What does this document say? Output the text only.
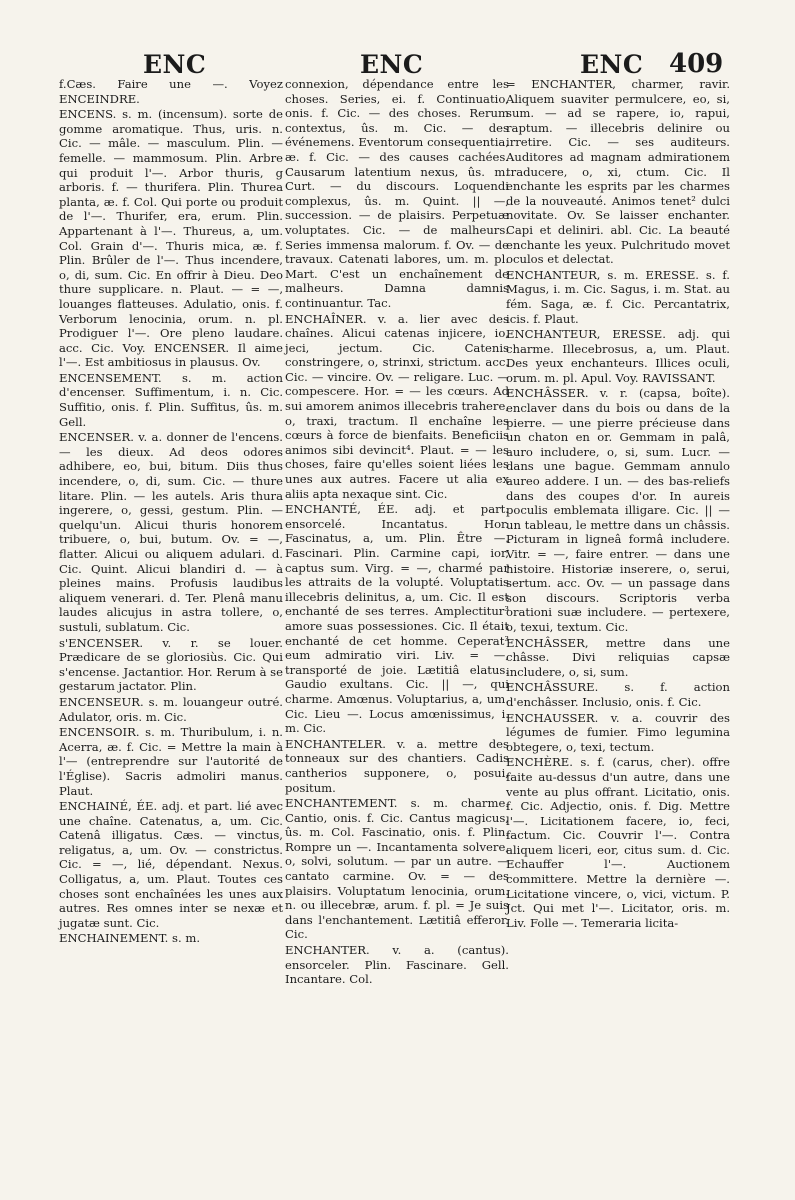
ENC	ENC	ENC 409

f.Cæs. Faire une —. Voyez ENCEINDRE.

ENCENS. s. m. (incensum). sorte de gomme aromatique. Thus, uris. n. Cic. — mâle. — masculum. Plin. — femelle. — mammosum. Plin. Arbre qui produit l'—. Arbor thuris, g arboris. f. — thurifera. Plin. Thurea planta, æ. f. Col. Qui porte ou produit de l'—. Thurifer, era, erum. Plin. Appartenant à l'—. Thureus, a, um. Col. Grain d'—. Thuris mica, æ. f. Plin. Brûler de l'—. Thus incendere, o, di, sum. Cic. En offrir à Dieu. Deo thure supplicare. n. Plaut. — = —, louanges flatteuses. Adulatio, onis. f. Verborum lenocinia, orum. n. pl. Prodiguer l'—. Ore pleno laudare. acc. Cic. Voy. ENCENSER. Il aime l'—. Est ambitiosus in plausus. Ov.

ENCENSEMENT. s. m. action d'encenser. Suffimentum, i. n. Cic. Suffitio, onis. f. Plin. Suffitus, ûs. m. Gell.

ENCENSER. v. a. donner de l'encens. — les dieux. Ad deos odores adhibere, eo, bui, bitum. Diis thus incendere, o, di, sum. Cic. — thure litare. Plin. — les autels. Aris thura ingerere, o, gessi, gestum. Plin. — quelqu'un. Alicui thuris honorem tribuere, o, bui, butum. Ov. = —, flatter. Alicui ou aliquem adulari. d. Cic. Quint. Alicui blandiri d. — à pleines mains. Profusis laudibus aliquem venerari. d. Ter. Plenâ manu laudes alicujus in astra tollere, o, sustuli, sublatum. Cic.

s'ENCENSER. v. r. se louer. Prædicare de se gloriosiùs. Cic. Qui s'encense. Jactantior. Hor. Rerum à se gestarum jactator. Plin.

ENCENSEUR. s. m. louangeur outré. Adulator, oris. m. Cic.

ENCENSOIR. s. m. Thuribulum, i. n. Acerra, æ. f. Cic. = Mettre la main à l'— (entreprendre sur l'autorité de l'Église). Sacris admoliri manus. Plaut.

ENCHAINÉ, ÉE. adj. et part. lié avec une chaîne. Catenatus, a, um. Cic. Catenâ illigatus. Cæs. — vinctus, religatus, a, um. Ov. — constrictus. Cic. = —, lié, dépendant. Nexus. Colligatus, a, um. Plaut. Toutes ces choses sont enchaînées les unes aux autres. Res omnes inter se nexæ et jugatæ sunt. Cic.

ENCHAINEMENT. s. m.

connexion, dépendance entre les choses. Series, ei. f. Continuatio, onis. f. Cic. — des choses. Rerum contextus, ûs. m. Cic. — des événemens. Eventorum consequentia, æ. f. Cic. — des causes cachées. Causarum latentium nexus, ûs. m. Curt. — du discours. Loquendi complexus, ûs. m. Quint. || —, succession. — de plaisirs. Perpetuæ voluptates. Cic. — de malheurs. Series immensa malorum. f. Ov. — de travaux. Catenati labores, um. m. pl. Mart. C'est un enchaînement de malheurs. Damna damnis continuantur. Tac.

ENCHAÎNER. v. a. lier avec des chaînes. Alicui catenas injicere, io, jeci, jectum. Cic. Catenis constringere, o, strinxi, strictum. acc. Cic. — vincire. Ov. — religare. Luc. — compescere. Hor. = — les cœurs. Ad sui amorem animos illecebris trahere, o, traxi, tractum. Il enchaîne les cœurs à force de bienfaits. Beneficiis animos sibi devincit⁴. Plaut. = — les choses, faire qu'elles soient liées les unes aux autres. Facere ut alia ex aliis apta nexaque sint. Cic.

ENCHANTÉ, ÉE. adj. et part. ensorcelé. Incantatus. Hor. Fascinatus, a, um. Plin. Être —. Fascinari. Plin. Carmine capi, ior, captus sum. Virg. = —, charmé par les attraits de la volupté. Voluptatis illecebris delinitus, a, um. Cic. Il est enchanté de ses terres. Amplectitur³ amore suas possessiones. Cic. Il était enchanté de cet homme. Ceperat³ eum admiratio viri. Liv. = —, transporté de joie. Lætitiâ elatus. Gaudio exultans. Cic. || —, qui charme. Amœnus. Voluptarius, a, um. Cic. Lieu —. Locus amœnissimus, i. m. Cic.

ENCHANTELER. v. a. mettre des tonneaux sur des chantiers. Cadis cantherios supponere, o, posui, positum.

ENCHANTEMENT. s. m. charme. Cantio, onis. f. Cic. Cantus magicus, ûs. m. Col. Fascinatio, onis. f. Plin. Rompre un —. Incantamenta solvere, o, solvi, solutum. — par un autre. — cantato carmine. Ov. = — des plaisirs. Voluptatum lenocinia, orum. n. ou illecebræ, arum. f. pl. = Je suis dans l'enchantement. Lætitiâ efferor. Cic.

ENCHANTER. v. a. (cantus). ensorceler. Plin. Fascinare. Gell. Incantare. Col.

= ENCHANTER, charmer, ravir. Aliquem suaviter permulcere, eo, si, sum. — ad se rapere, io, rapui, raptum. — illecebris delinire ou irretire. Cic. — ses auditeurs. Auditores ad magnam admirationem traducere, o, xi, ctum. Cic. Il enchante les esprits par les charmes de la nouveauté. Animos tenet² dulci novitate. Ov. Se laisser enchanter. Capi et deliniri. abl. Cic. La beauté enchante les yeux. Pulchritudo movet oculos et delectat.

ENCHANTEUR, s. m. ERESSE. s. f. Magus, i. m. Cic. Sagus, i. m. Stat. au fém. Saga, æ. f. Cic. Percantatrix, icis. f. Plaut.

ENCHANTEUR, ERESSE. adj. qui charme. Illecebrosus, a, um. Plaut. Des yeux enchanteurs. Illices oculi, orum. m. pl. Apul. Voy. RAVISSANT.

ENCHÂSSER. v. r. (capsa, boîte). enclaver dans du bois ou dans de la pierre. — une pierre précieuse dans un chaton en or. Gemmam in palâ, auro includere, o, si, sum. Lucr. — dans une bague. Gemmam annulo aureo addere. I un. — des bas-reliefs dans des coupes d'or. In aureis poculis emblemata illigare. Cic. || — un tableau, le mettre dans un châssis. Picturam in ligneâ formâ includere. Vitr. = —, faire entrer. — dans une histoire. Historiæ inserere, o, serui, sertum. acc. Ov. — un passage dans son discours. Scriptoris verba orationi suæ includere. — pertexere, o, texui, textum. Cic.

ENCHÂSSER, mettre dans une châsse. Divi reliquias capsæ includere, o, si, sum.

ENCHÂSSURE. s. f. action d'enchâsser. Inclusio, onis. f. Cic.

ENCHAUSSER. v. a. couvrir des légumes de fumier. Fimo legumina obtegere, o, texi, tectum.

ENCHÈRE. s. f. (carus, cher). offre faite au-dessus d'un autre, dans une vente au plus offrant. Licitatio, onis. f. Cic. Adjectio, onis. f. Dig. Mettre l'—. Licitationem facere, io, feci, factum. Cic. Couvrir l'—. Contra aliquem liceri, eor, citus sum. d. Cic. Echauffer l'—. Auctionem committere. Mettre la dernière —. Licitatione vincere, o, vici, victum. P. Jct. Qui met l'—. Licitator, oris. m. Liv. Folle —. Temeraria licita-
